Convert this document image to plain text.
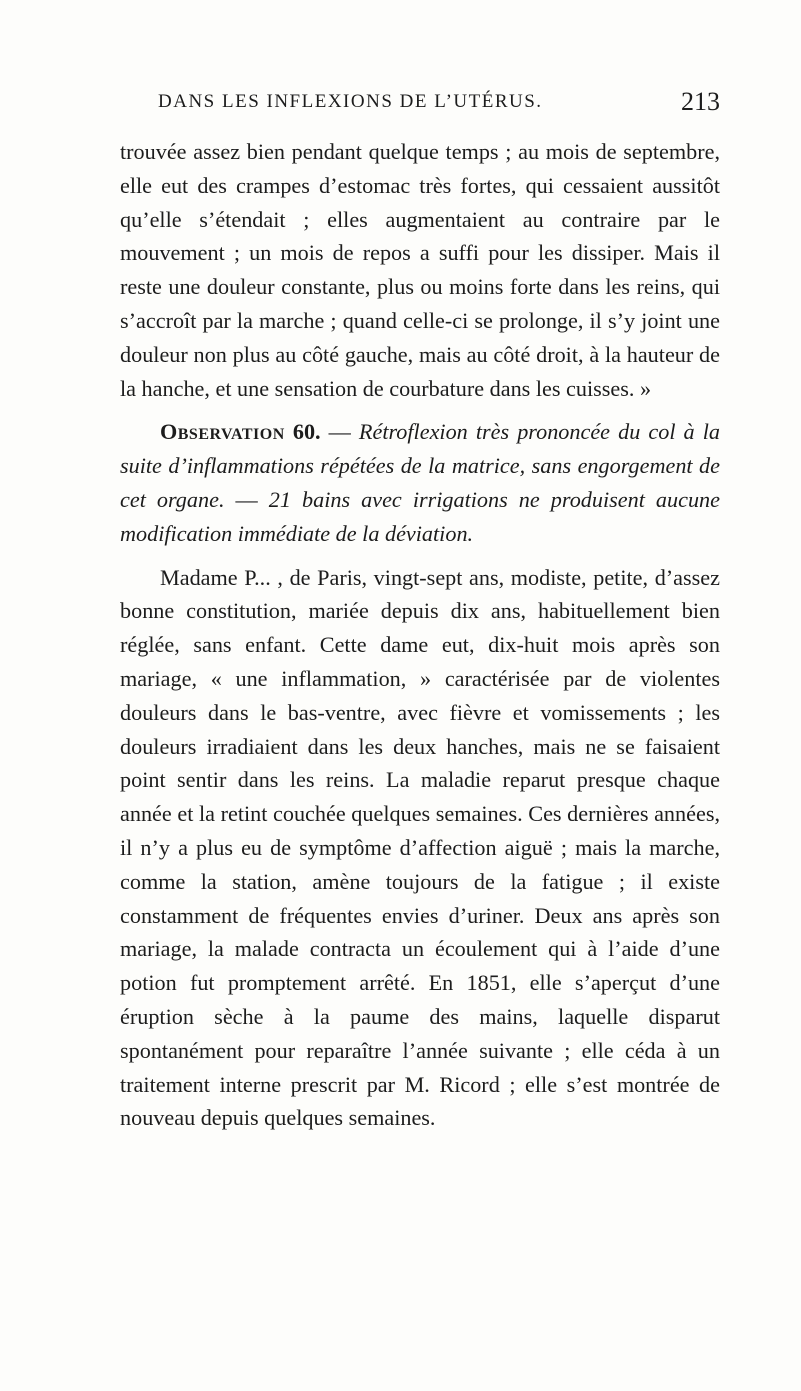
DANS LES INFLEXIONS DE L’UTÉRUS.	213

trouvée assez bien pendant quelque temps ; au mois de septembre, elle eut des crampes d’estomac très fortes, qui cessaient aussitôt qu’elle s’étendait ; elles augmentaient au contraire par le mouvement ; un mois de repos a suffi pour les dissiper. Mais il reste une douleur constante, plus ou moins forte dans les reins, qui s’accroît par la marche ; quand celle-ci se prolonge, il s’y joint une douleur non plus au côté gauche, mais au côté droit, à la hauteur de la hanche, et une sensation de courbature dans les cuisses. »

Observation 60. — Rétroflexion très prononcée du col à la suite d’inflammations répétées de la matrice, sans engorgement de cet organe. — 21 bains avec irrigations ne produisent aucune modification immédiate de la déviation.

Madame P... , de Paris, vingt-sept ans, modiste, petite, d’assez bonne constitution, mariée depuis dix ans, habituellement bien réglée, sans enfant. Cette dame eut, dix-huit mois après son mariage, « une inflammation, » caractérisée par de violentes douleurs dans le bas-ventre, avec fièvre et vomissements ; les douleurs irradiaient dans les deux hanches, mais ne se faisaient point sentir dans les reins. La maladie reparut presque chaque année et la retint couchée quelques semaines. Ces dernières années, il n’y a plus eu de symptôme d’affection aiguë ; mais la marche, comme la station, amène toujours de la fatigue ; il existe constamment de fréquentes envies d’uriner. Deux ans après son mariage, la malade contracta un écoulement qui à l’aide d’une potion fut promptement arrêté. En 1851, elle s’aperçut d’une éruption sèche à la paume des mains, laquelle disparut spontanément pour reparaître l’année suivante ; elle céda à un traitement interne prescrit par M. Ricord ; elle s’est montrée de nouveau depuis quelques semaines.
